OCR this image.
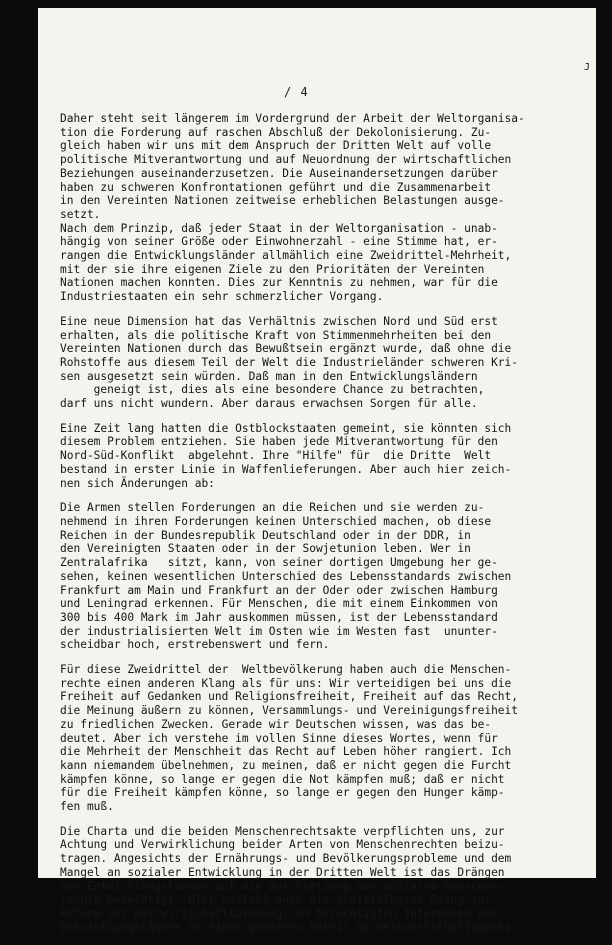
J
/ 4
Daher steht seit längerem im Vordergrund der Arbeit der Weltorganisa-
tion die Forderung auf raschen Abschluß der Dekolonisierung. Zu-
gleich haben wir uns mit dem Anspruch der Dritten Welt auf volle
politische Mitverantwortung und auf Neuordnung der wirtschaftlichen
Beziehungen auseinanderzusetzen. Die Auseinandersetzungen darüber
haben zu schweren Konfrontationen geführt und die Zusammenarbeit
in den Vereinten Nationen zeitweise erheblichen Belastungen ausge-
setzt.
Nach dem Prinzip, daß jeder Staat in der Weltorganisation - unab-
hängig von seiner Größe oder Einwohnerzahl - eine Stimme hat, er-
rangen die Entwicklungsländer allmählich eine Zweidrittel-Mehrheit,
mit der sie ihre eigenen Ziele zu den Prioritäten der Vereinten
Nationen machen konnten. Dies zur Kenntnis zu nehmen, war für die
Industriestaaten ein sehr schmerzlicher Vorgang.
Eine neue Dimension hat das Verhältnis zwischen Nord und Süd erst
erhalten, als die politische Kraft von Stimmenmehrheiten bei den
Vereinten Nationen durch das Bewußtsein ergänzt wurde, daß ohne die
Rohstoffe aus diesem Teil der Welt die Industrieländer schweren Kri-
sen ausgesetzt sein würden. Daß man in den Entwicklungsländern
geneigt ist, dies als eine besondere Chance zu betrachten,
darf uns nicht wundern. Aber daraus erwachsen Sorgen für alle.
Eine Zeit lang hatten die Ostblockstaaten gemeint, sie könnten sich
diesem Problem entziehen. Sie haben jede Mitverantwortung für den
Nord-Süd-Konflikt  abgelehnt. Ihre "Hilfe" für  die Dritte  Welt
bestand in erster Linie in Waffenlieferungen. Aber auch hier zeich-
nen sich Änderungen ab:
Die Armen stellen Forderungen an die Reichen und sie werden zu-
nehmend in ihren Forderungen keinen Unterschied machen, ob diese
Reichen in der Bundesrepublik Deutschland oder in der DDR, in
den Vereinigten Staaten oder in der Sowjetunion leben. Wer in
Zentralafrika   sitzt, kann, von seiner dortigen Umgebung her ge-
sehen, keinen wesentlichen Unterschied des Lebensstandards zwischen
Frankfurt am Main und Frankfurt an der Oder oder zwischen Hamburg
und Leningrad erkennen. Für Menschen, die mit einem Einkommen von
300 bis 400 Mark im Jahr auskommen müssen, ist der Lebensstandard
der industrialisierten Welt im Osten wie im Westen fast  ununter-
scheidbar hoch, erstrebenswert und fern.
Für diese Zweidrittel der  Weltbevölkerung haben auch die Menschen-
rechte einen anderen Klang als für uns: Wir verteidigen bei uns die
Freiheit auf Gedanken und Religionsfreiheit, Freiheit auf das Recht,
die Meinung äußern zu können, Versammlungs- und Vereinigungsfreiheit
zu friedlichen Zwecken. Gerade wir Deutschen wissen, was das be-
deutet. Aber ich verstehe im vollen Sinne dieses Wortes, wenn für
die Mehrheit der Menschheit das Recht auf Leben höher rangiert. Ich
kann niemandem übelnehmen, zu meinen, daß er nicht gegen die Furcht
kämpfen könne, so lange er gegen die Not kämpfen muß; daß er nicht
für die Freiheit kämpfen könne, so lange er gegen den Hunger kämp-
fen muß.
Die Charta und die beiden Menschenrechtsakte verpflichten uns, zur
Achtung und Verwirklichung beider Arten von Menschenrechten beizu-
tragen. Angesichts der Ernährungs- und Bevölkerungsprobleme und dem
Mangel an sozialer Entwicklung in der Dritten Welt ist das Drängen
der Entwicklungsländer auf die Durchsetzung der sozialen Menschen-
rechte berechtigt. Hier besteht auch ein unmittelbarer Bezug zur
Reform der Weltwirtschaftsordnung, um berechtigten Interessen der
Entwicklungsländer an einem größeren Anteil am Weltwirtschaftswachs-
